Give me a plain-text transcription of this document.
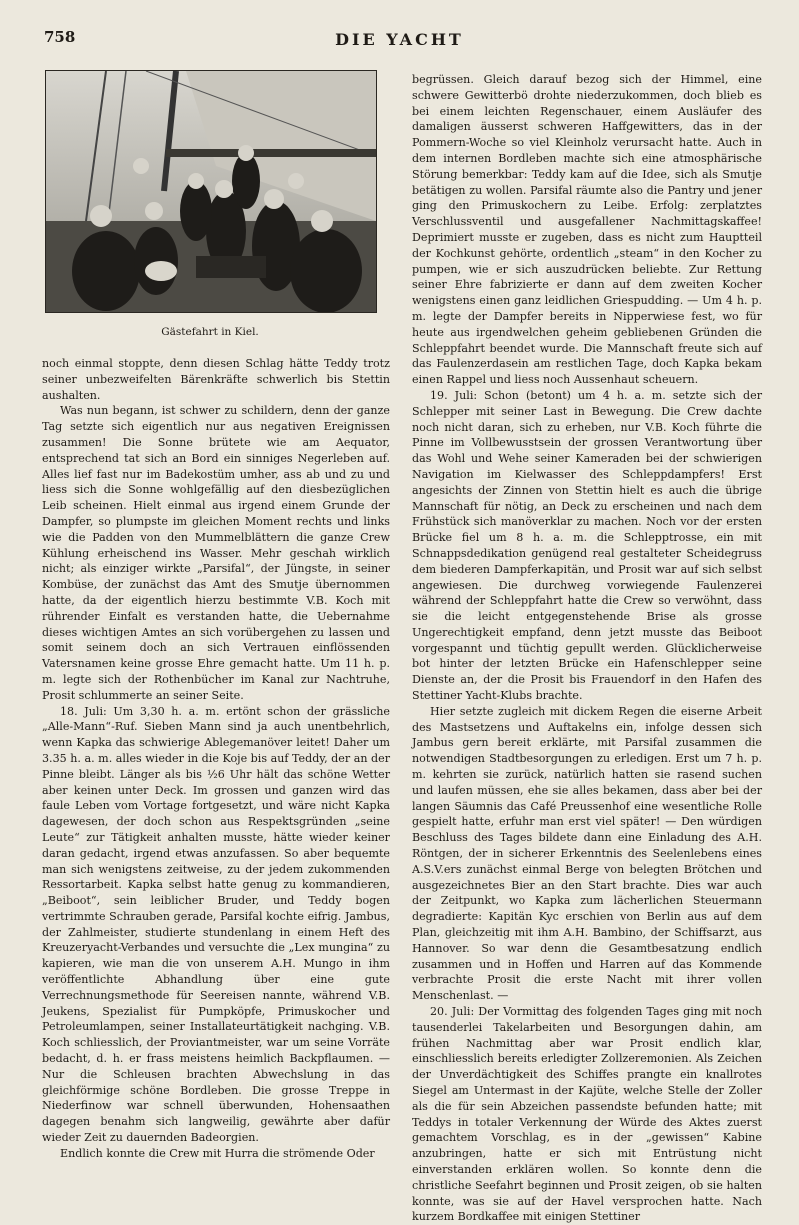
758	DIE YACHT
Gästefahrt in Kiel.

noch einmal stoppte, denn diesen Schlag hätte Teddy trotz seiner unbezweifelten Bärenkräfte schwerlich bis Stettin aushalten.

Was nun begann, ist schwer zu schildern, denn der ganze Tag setzte sich eigentlich nur aus negativen Ereignissen zusammen! Die Sonne brütete wie am Aequator, entsprechend tat sich an Bord ein sinniges Negerleben auf. Alles lief fast nur im Badekostüm umher, ass ab und zu und liess sich die Sonne wohlgefällig auf den diesbezüglichen Leib scheinen. Hielt einmal aus irgend einem Grunde der Dampfer, so plumpste im gleichen Moment rechts und links wie die Padden von den Mummelblättern die ganze Crew Kühlung erheischend ins Wasser. Mehr geschah wirklich nicht; als einziger wirkte „Parsifal“, der Jüngste, in seiner Kombüse, der zunächst das Amt des Smutje übernommen hatte, da der eigentlich hierzu bestimmte V.B. Koch mit rührender Einfalt es verstanden hatte, die Uebernahme dieses wichtigen Amtes an sich vorübergehen zu lassen und somit seinem doch an sich Vertrauen einflössenden Vatersnamen keine grosse Ehre gemacht hatte. Um 11 h. p. m. legte sich der Rothenbücher im Kanal zur Nachtruhe, Prosit schlummerte an seiner Seite.

18. Juli: Um 3,30 h. a. m. ertönt schon der grässliche „Alle-Mann“-Ruf. Sieben Mann sind ja auch unentbehrlich, wenn Kapka das schwierige Ablegemanöver leitet! Daher um 3.35 h. a. m. alles wieder in die Koje bis auf Teddy, der an der Pinne bleibt. Länger als bis ½6 Uhr hält das schöne Wetter aber keinen unter Deck. Im grossen und ganzen wird das faule Leben vom Vortage fortgesetzt, und wäre nicht Kapka dagewesen, der doch schon aus Respektsgründen „seine Leute“ zur Tätigkeit anhalten musste, hätte wieder keiner daran gedacht, irgend etwas anzufassen. So aber bequemte man sich wenigstens zeitweise, zu der jedem zukommenden Ressortarbeit. Kapka selbst hatte genug zu kommandieren, „Beiboot“, sein leiblicher Bruder, und Teddy bogen vertrimmte Schrauben gerade, Parsifal kochte eifrig. Jambus, der Zahlmeister, studierte stundenlang in einem Heft des Kreuzeryacht-Verbandes und versuchte die „Lex mungina“ zu kapieren, wie man die von unserem A.H. Mungo in ihm veröffentlichte Abhandlung über eine gute Verrechnungsmethode für Seereisen nannte, während V.B. Jeukens, Spezialist für Pumpköpfe, Primuskocher und Petroleumlampen, seiner Installateurtätigkeit nachging. V.B. Koch schliesslich, der Proviantmeister, war um seine Vorräte bedacht, d. h. er frass meistens heimlich Backpflaumen. — Nur die Schleusen brachten Abwechslung in das gleichförmige schöne Bordleben. Die grosse Treppe in Niederfinow war schnell überwunden, Hohensaathen dagegen benahm sich langweilig, gewährte aber dafür wieder Zeit zu dauernden Badeorgien.

Endlich konnte die Crew mit Hurra die strömende Oder

begrüssen. Gleich darauf bezog sich der Himmel, eine schwere Gewitterbö drohte niederzukommen, doch blieb es bei einem leichten Regenschauer, einem Ausläufer des damaligen äusserst schweren Haffgewitters, das in der Pommern-Woche so viel Kleinholz verursacht hatte. Auch in dem internen Bordleben machte sich eine atmosphärische Störung bemerkbar: Teddy kam auf die Idee, sich als Smutje betätigen zu wollen. Parsifal räumte also die Pantry und jener ging den Primuskochern zu Leibe. Erfolg: zerplatztes Verschlussventil und ausgefallener Nachmittagskaffee! Deprimiert musste er zugeben, dass es nicht zum Hauptteil der Kochkunst gehörte, ordentlich „steam“ in den Kocher zu pumpen, wie er sich auszudrücken beliebte. Zur Rettung seiner Ehre fabrizierte er dann auf dem zweiten Kocher wenigstens einen ganz leidlichen Griespudding. — Um 4 h. p. m. legte der Dampfer bereits in Nipperwiese fest, wo für heute aus irgendwelchen geheim gebliebenen Gründen die Schleppfahrt beendet wurde. Die Mannschaft freute sich auf das Faulenzerdasein am restlichen Tage, doch Kapka bekam einen Rappel und liess noch Aussenhaut scheuern.

19. Juli: Schon (betont) um 4 h. a. m. setzte sich der Schlepper mit seiner Last in Bewegung. Die Crew dachte noch nicht daran, sich zu erheben, nur V.B. Koch führte die Pinne im Vollbewusstsein der grossen Verantwortung über das Wohl und Wehe seiner Kameraden bei der schwierigen Navigation im Kielwasser des Schleppdampfers! Erst angesichts der Zinnen von Stettin hielt es auch die übrige Mannschaft für nötig, an Deck zu erscheinen und nach dem Frühstück sich manöverklar zu machen. Noch vor der ersten Brücke fiel um 8 h. a. m. die Schlepptrosse, ein mit Schnappsdedikation genügend real gestalteter Scheidegruss dem biederen Dampferkapitän, und Prosit war auf sich selbst angewiesen. Die durchweg vorwiegende Faulenzerei während der Schleppfahrt hatte die Crew so verwöhnt, dass sie die leicht entgegenstehende Brise als grosse Ungerechtigkeit empfand, denn jetzt musste das Beiboot vorgespannt und tüchtig gepullt werden. Glücklicherweise bot hinter der letzten Brücke ein Hafenschlepper seine Dienste an, der die Prosit bis Frauendorf in den Hafen des Stettiner Yacht-Klubs brachte.

Hier setzte zugleich mit dickem Regen die eiserne Arbeit des Mastsetzens und Auftakelns ein, infolge dessen sich Jambus gern bereit erklärte, mit Parsifal zusammen die notwendigen Stadtbesorgungen zu erledigen. Erst um 7 h. p. m. kehrten sie zurück, natürlich hatten sie rasend suchen und laufen müssen, ehe sie alles bekamen, dass aber bei der langen Säumnis das Café Preussenhof eine wesentliche Rolle gespielt hatte, erfuhr man erst viel später! — Den würdigen Beschluss des Tages bildete dann eine Einladung des A.H. Röntgen, der in sicherer Erkenntnis des Seelenlebens eines A.S.V.ers zunächst einmal Berge von belegten Brötchen und ausgezeichnetes Bier an den Start brachte. Dies war auch der Zeitpunkt, wo Kapka zum lächerlichen Steuermann degradierte: Kapitän Kyc erschien von Berlin aus auf dem Plan, gleichzeitig mit ihm A.H. Bambino, der Schiffsarzt, aus Hannover. So war denn die Gesamtbesatzung endlich zusammen und in Hoffen und Harren auf das Kommende verbrachte Prosit die erste Nacht mit ihrer vollen Menschenlast. —

20. Juli: Der Vormittag des folgenden Tages ging mit noch tausenderlei Takelarbeiten und Besorgungen dahin, am frühen Nachmittag aber war Prosit endlich klar, einschliesslich bereits erledigter Zollzeremonien. Als Zeichen der Unverdächtigkeit des Schiffes prangte ein knallrotes Siegel am Untermast in der Kajüte, welche Stelle der Zoller als die für sein Abzeichen passendste befunden hatte; mit Teddys in totaler Verkennung der Würde des Aktes zuerst gemachtem Vorschlag, es in der „gewissen“ Kabine anzubringen, hatte er sich mit Entrüstung nicht einverstanden erklären wollen. So konnte denn die christliche Seefahrt beginnen und Prosit zeigen, ob sie halten konnte, was sie auf der Havel versprochen hatte. Nach kurzem Bordkaffee mit einigen Stettiner
